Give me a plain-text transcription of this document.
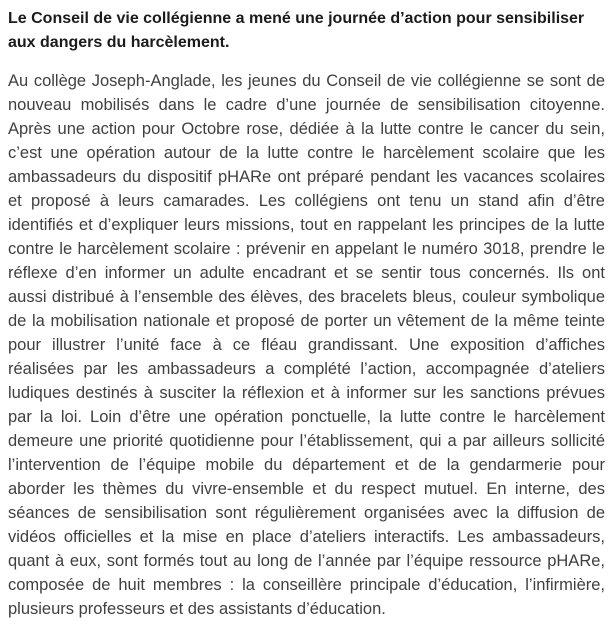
Le Conseil de vie collégienne a mené une journée d’action pour sensibiliser aux dangers du harcèlement.

Au collège Joseph-Anglade, les jeunes du Conseil de vie collégienne se sont de nouveau mobilisés dans le cadre d’une journée de sensibilisation citoyenne. Après une action pour Octobre rose, dédiée à la lutte contre le cancer du sein, c’est une opération autour de la lutte contre le harcèlement scolaire que les ambassadeurs du dispositif pHARe ont préparé pendant les vacances scolaires et proposé à leurs camarades. Les collégiens ont tenu un stand afin d’être identifiés et d’expliquer leurs missions, tout en rappelant les principes de la lutte contre le harcèlement scolaire : prévenir en appelant le numéro 3018, prendre le réflexe d’en informer un adulte encadrant et se sentir tous concernés. Ils ont aussi distribué à l’ensemble des élèves, des bracelets bleus, couleur symbolique de la mobilisation nationale et proposé de porter un vêtement de la même teinte pour illustrer l’unité face à ce fléau grandissant. Une exposition d’affiches réalisées par les ambassadeurs a complété l’action, accompagnée d’ateliers ludiques destinés à susciter la réflexion et à informer sur les sanctions prévues par la loi. Loin d’être une opération ponctuelle, la lutte contre le harcèlement demeure une priorité quotidienne pour l’établissement, qui a par ailleurs sollicité l’intervention de l’équipe mobile du département et de la gendarmerie pour aborder les thèmes du vivre-ensemble et du respect mutuel. En interne, des séances de sensibilisation sont régulièrement organisées avec la diffusion de vidéos officielles et la mise en place d’ateliers interactifs. Les ambassadeurs, quant à eux, sont formés tout au long de l’année par l’équipe ressource pHARe, composée de huit membres : la conseillère principale d’éducation, l’infirmière, plusieurs professeurs et des assistants d’éducation.
